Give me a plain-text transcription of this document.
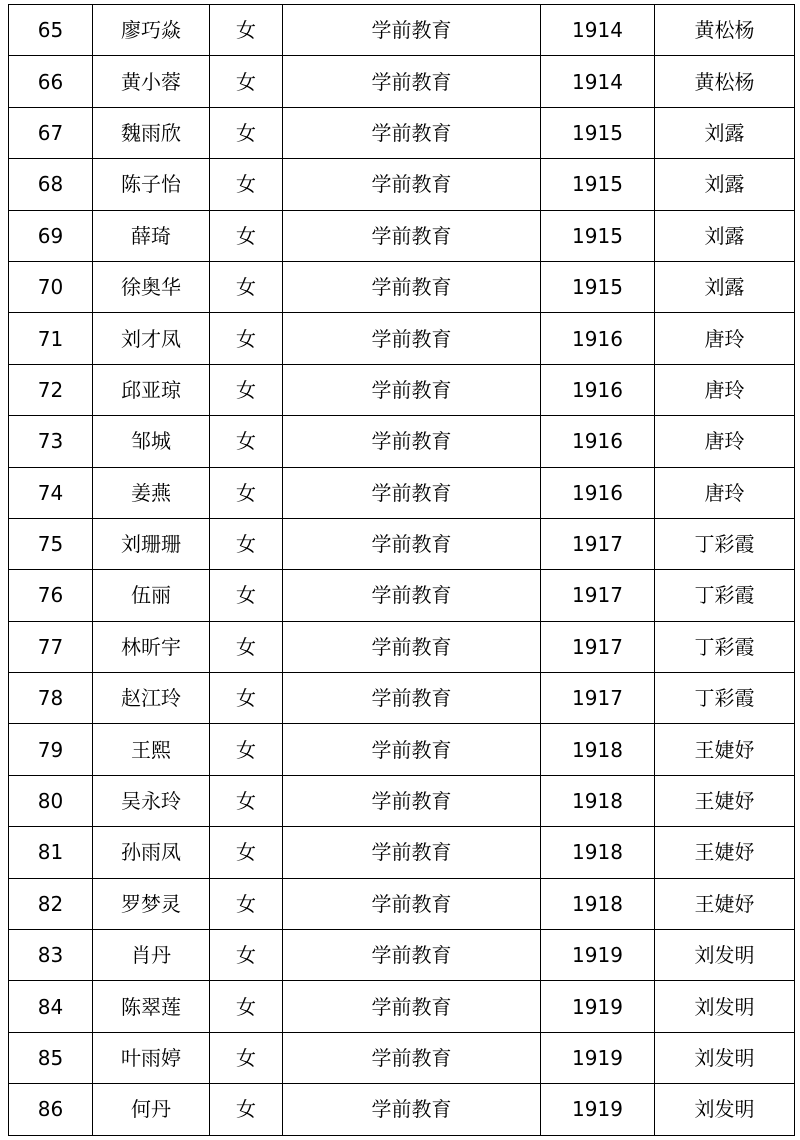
65	廖巧焱	女	学前教育	1914	黄松杨
66	黄小蓉	女	学前教育	1914	黄松杨
67	魏雨欣	女	学前教育	1915	刘露
68	陈子怡	女	学前教育	1915	刘露
69	薛琦	女	学前教育	1915	刘露
70	徐奥华	女	学前教育	1915	刘露
71	刘才凤	女	学前教育	1916	唐玲
72	邱亚琼	女	学前教育	1916	唐玲
73	邹城	女	学前教育	1916	唐玲
74	姜燕	女	学前教育	1916	唐玲
75	刘珊珊	女	学前教育	1917	丁彩霞
76	伍丽	女	学前教育	1917	丁彩霞
77	林昕宇	女	学前教育	1917	丁彩霞
78	赵江玲	女	学前教育	1917	丁彩霞
79	王熙	女	学前教育	1918	王婕妤
80	吴永玲	女	学前教育	1918	王婕妤
81	孙雨凤	女	学前教育	1918	王婕妤
82	罗梦灵	女	学前教育	1918	王婕妤
83	肖丹	女	学前教育	1919	刘发明
84	陈翠莲	女	学前教育	1919	刘发明
85	叶雨婷	女	学前教育	1919	刘发明
86	何丹	女	学前教育	1919	刘发明
